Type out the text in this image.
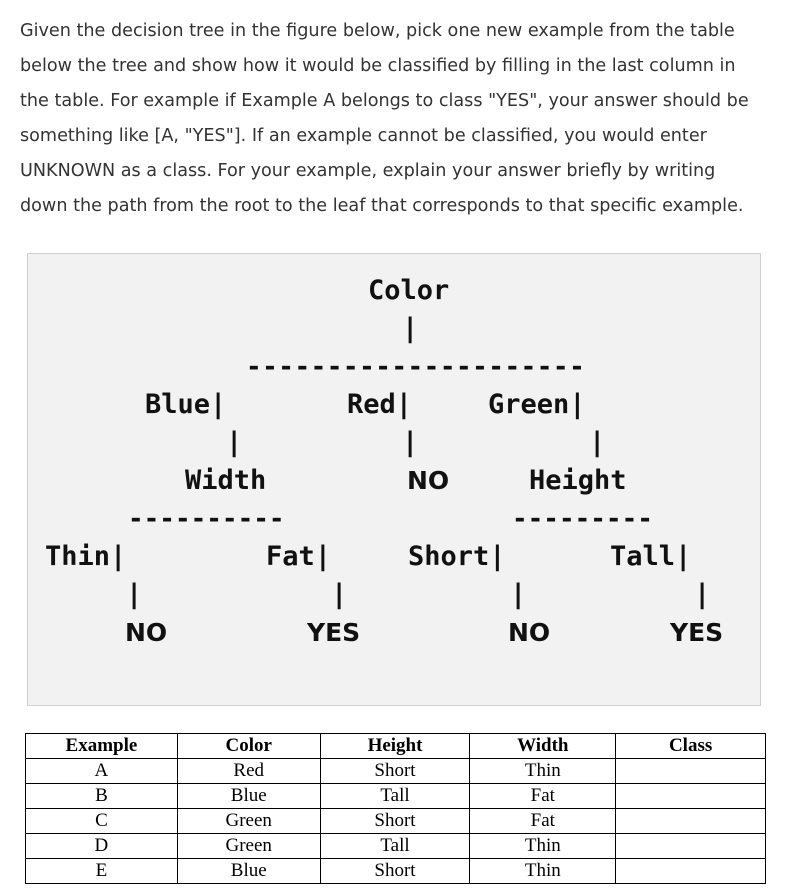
Given the decision tree in the figure below, pick one new example from the table
below the tree and show how it would be classified by filling in the last column in
the table. For example if Example A belongs to class "YES", your answer should be
something like [A, "YES"]. If an example cannot be classified, you would enter
UNKNOWN as a class. For your example, explain your answer briefly by writing
down the path from the root to the leaf that corresponds to that specific example.
Color
|
---------------------
Blue|	Red|	Green|
|	|	|
Width	NO	Height
----------	---------
Thin|	Fat|	Short|	Tall|
|	|	|	|
NO	YES	NO	YES
Example	Color	Height	Width	Class
A	Red	Short	Thin	
B	Blue	Tall	Fat	
C	Green	Short	Fat	
D	Green	Tall	Thin	
E	Blue	Short	Thin	
